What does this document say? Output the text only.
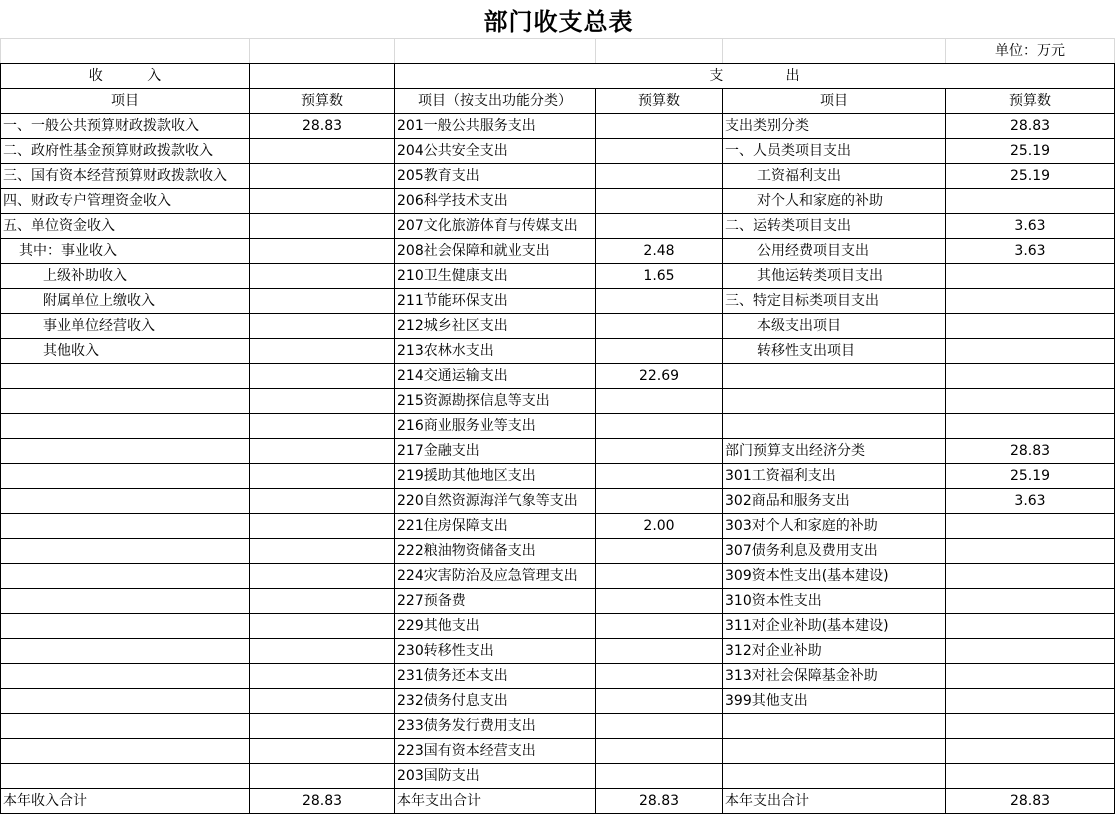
部门收支总表
					单位：万元
收          入		支              出			
项目	预算数	项目（按支出功能分类）	预算数	项目	预算数
一、一般公共预算财政拨款收入	28.83	201一般公共服务支出		支出类别分类	28.83
二、政府性基金预算财政拨款收入		204公共安全支出		一、人员类项目支出	25.19
三、国有资本经营预算财政拨款收入		205教育支出		工资福利支出	25.19
四、财政专户管理资金收入		206科学技术支出		对个人和家庭的补助	
五、单位资金收入		207文化旅游体育与传媒支出		二、运转类项目支出	3.63
其中：事业收入		208社会保障和就业支出	2.48	公用经费项目支出	3.63
上级补助收入		210卫生健康支出	1.65	其他运转类项目支出	
附属单位上缴收入		211节能环保支出		三、特定目标类项目支出	
事业单位经营收入		212城乡社区支出		本级支出项目	
其他收入		213农林水支出		转移性支出项目	
		214交通运输支出	22.69		
		215资源勘探信息等支出			
		216商业服务业等支出			
		217金融支出		部门预算支出经济分类	28.83
		219援助其他地区支出		301工资福利支出	25.19
		220自然资源海洋气象等支出		302商品和服务支出	3.63
		221住房保障支出	2.00	303对个人和家庭的补助	
		222粮油物资储备支出		307债务利息及费用支出	
		224灾害防治及应急管理支出		309资本性支出(基本建设)	
		227预备费		310资本性支出	
		229其他支出		311对企业补助(基本建设)	
		230转移性支出		312对企业补助	
		231债务还本支出		313对社会保障基金补助	
		232债务付息支出		399其他支出	
		233债务发行费用支出			
		223国有资本经营支出			
		203国防支出			
本年收入合计	28.83	本年支出合计	28.83	本年支出合计	28.83
